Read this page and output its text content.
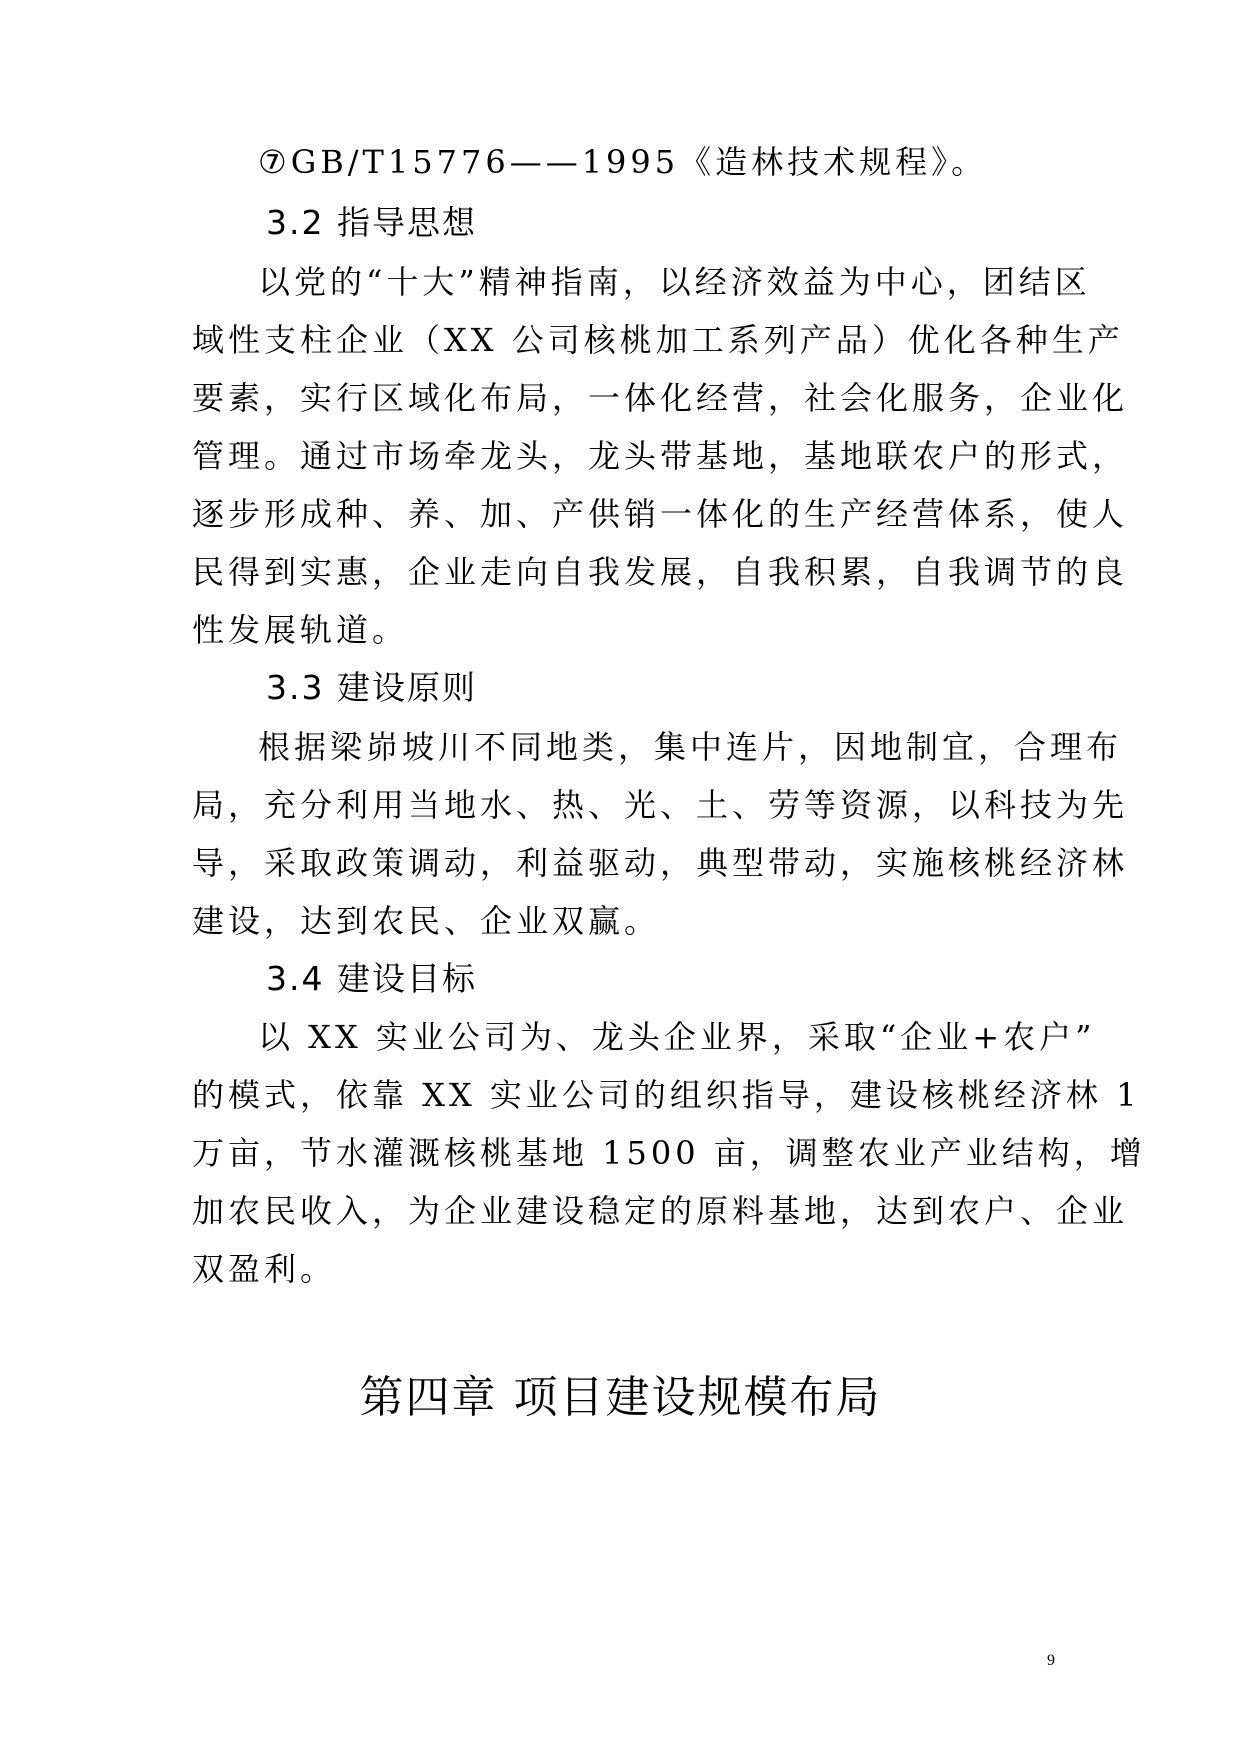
⑦GB/T15776——1995《造林技术规程》。
3.2 指导思想
以党的“十大”精神指南，以经济效益为中心，团结区
域性支柱企业（XX 公司核桃加工系列产品）优化各种生产
要素，实行区域化布局，一体化经营，社会化服务，企业化
管理。通过市场牵龙头，龙头带基地，基地联农户的形式，
逐步形成种、养、加、产供销一体化的生产经营体系，使人
民得到实惠，企业走向自我发展，自我积累，自我调节的良
性发展轨道。
3.3 建设原则
根据梁峁坡川不同地类，集中连片，因地制宜，合理布
局，充分利用当地水、热、光、土、劳等资源，以科技为先
导，采取政策调动，利益驱动，典型带动，实施核桃经济林
建设，达到农民、企业双赢。
3.4 建设目标
以 XX 实业公司为、龙头企业界，采取“企业+农户”
的模式，依靠 XX 实业公司的组织指导，建设核桃经济林 1
万亩，节水灌溉核桃基地 1500 亩，调整农业产业结构，增
加农民收入，为企业建设稳定的原料基地，达到农户、企业
双盈利。
第四章 项目建设规模布局
9
